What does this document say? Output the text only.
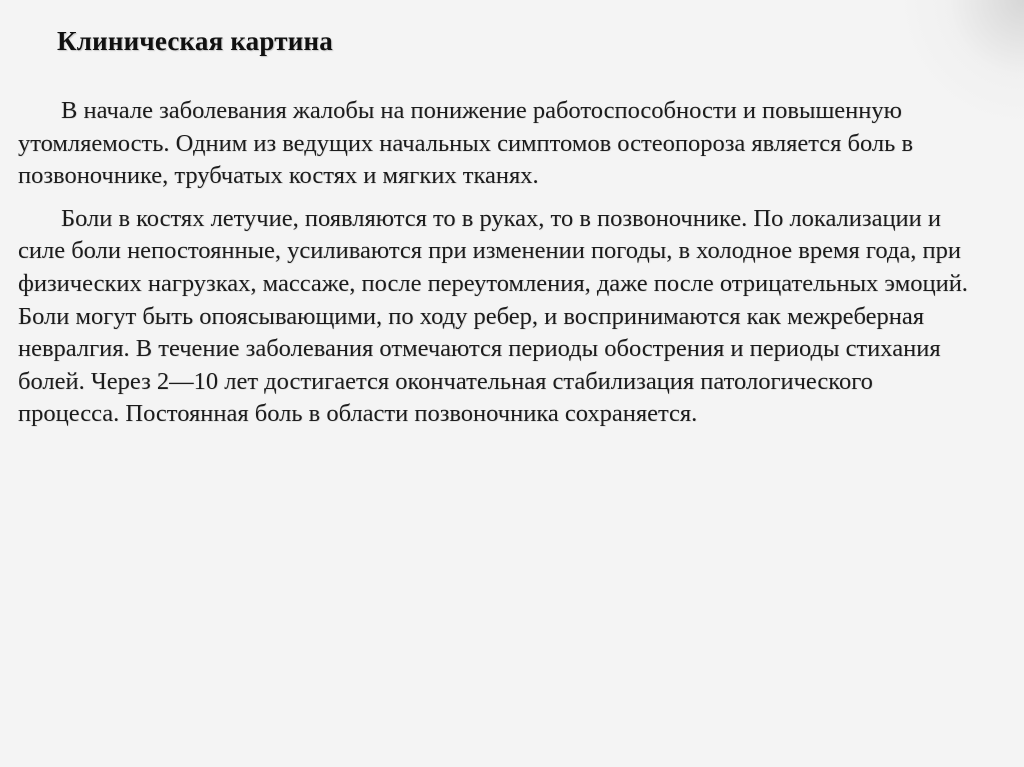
Клиническая картина

В начале заболевания жалобы на понижение работоспособности и повышенную утомляемость. Одним из ведущих начальных симптомов остеопороза является боль в позвоночнике, трубчатых костях и мягких тканях.

Боли в костях летучие, появляются то в руках, то в позвоночнике. По локализации и силе боли непостоянные, усиливаются при изменении погоды, в холодное время года, при физических нагрузках, массаже, после переутомления, даже после отрицательных эмоций. Боли могут быть опоясывающими, по ходу ребер, и воспринимаются как межреберная невралгия. В течение заболевания отмечаются периоды обострения и периоды стихания болей. Через 2—10 лет достигается окончательная стабилизация патологического процесса. Постоянная боль в области позвоночника сохраняется.
